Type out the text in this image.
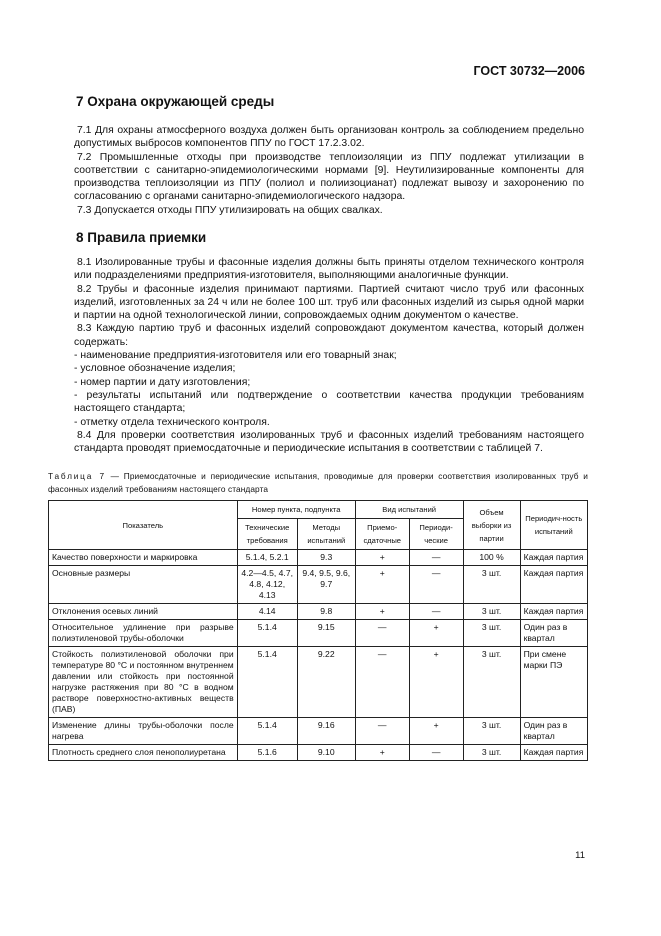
ГОСТ 30732—2006
7 Охрана окружающей среды

7.1 Для охраны атмосферного воздуха должен быть организован контроль за соблюдением предельно допустимых выбросов компонентов ППУ по ГОСТ 17.2.3.02.

7.2 Промышленные отходы при производстве теплоизоляции из ППУ подлежат утилизации в соответствии с санитарно-эпидемиологическими нормами [9]. Неутилизированные компоненты для производства теплоизоляции из ППУ (полиол и полиизоцианат) подлежат вывозу и захоронению по согласованию с органами санитарно-эпидемиологического надзора.

7.3 Допускается отходы ППУ утилизировать на общих свалках.

8 Правила приемки

8.1 Изолированные трубы и фасонные изделия должны быть приняты отделом технического контроля или подразделениями предприятия-изготовителя, выполняющими аналогичные функции.

8.2 Трубы и фасонные изделия принимают партиями. Партией считают число труб или фасонных изделий, изготовленных за 24 ч или не более 100 шт. труб или фасонных изделий из сырья одной марки и партии на одной технологической линии, сопровождаемых одним документом о качестве.

8.3 Каждую партию труб и фасонных изделий сопровождают документом качества, который должен содержать:

- наименование предприятия-изготовителя или его товарный знак;

- условное обозначение изделия;

- номер партии и дату изготовления;

- результаты испытаний или подтверждение о соответствии качества продукции требованиям настоящего стандарта;

- отметку отдела технического контроля.

8.4 Для проверки соответствия изолированных труб и фасонных изделий требованиям настоящего стандарта проводят приемосдаточные и периодические испытания в соответствии с таблицей 7.

Таблица 7 — Приемосдаточные и периодические испытания, проводимые для проверки соответствия изолированных труб и фасонных изделий требованиям настоящего стандарта
Показатель	Номер пункта, подпункта		Вид испытаний		Объем выборки из партии	Периодич-ность испытаний
	Технические требования	Методы испытаний	Приемо-сдаточные	Периоди-ческие		
Качество поверхности и маркировка	5.1.4, 5.2.1	9.3	+	—	100 %	Каждая партия
Основные размеры	4.2—4.5, 4.7, 4.8, 4.12, 4.13	9.4, 9.5, 9.6, 9.7	+	—	3 шт.	Каждая партия
Отклонения осевых линий	4.14	9.8	+	—	3 шт.	Каждая партия
Относительное удлинение при разрыве полиэтиленовой трубы-оболочки	5.1.4	9.15	—	+	3 шт.	Один раз в квартал
Стойкость полиэтиленовой оболочки при температуре 80 °С и постоянном внутреннем давлении или стойкость при постоянной нагрузке растяжения при 80 °С в водном растворе поверхностно-активных веществ (ПАВ)	5.1.4	9.22	—	+	3 шт.	При смене марки ПЭ
Изменение длины трубы-оболочки после нагрева	5.1.4	9.16	—	+	3 шт.	Один раз в квартал
Плотность среднего слоя пенополиуретана	5.1.6	9.10	+	—	3 шт.	Каждая партия
11
